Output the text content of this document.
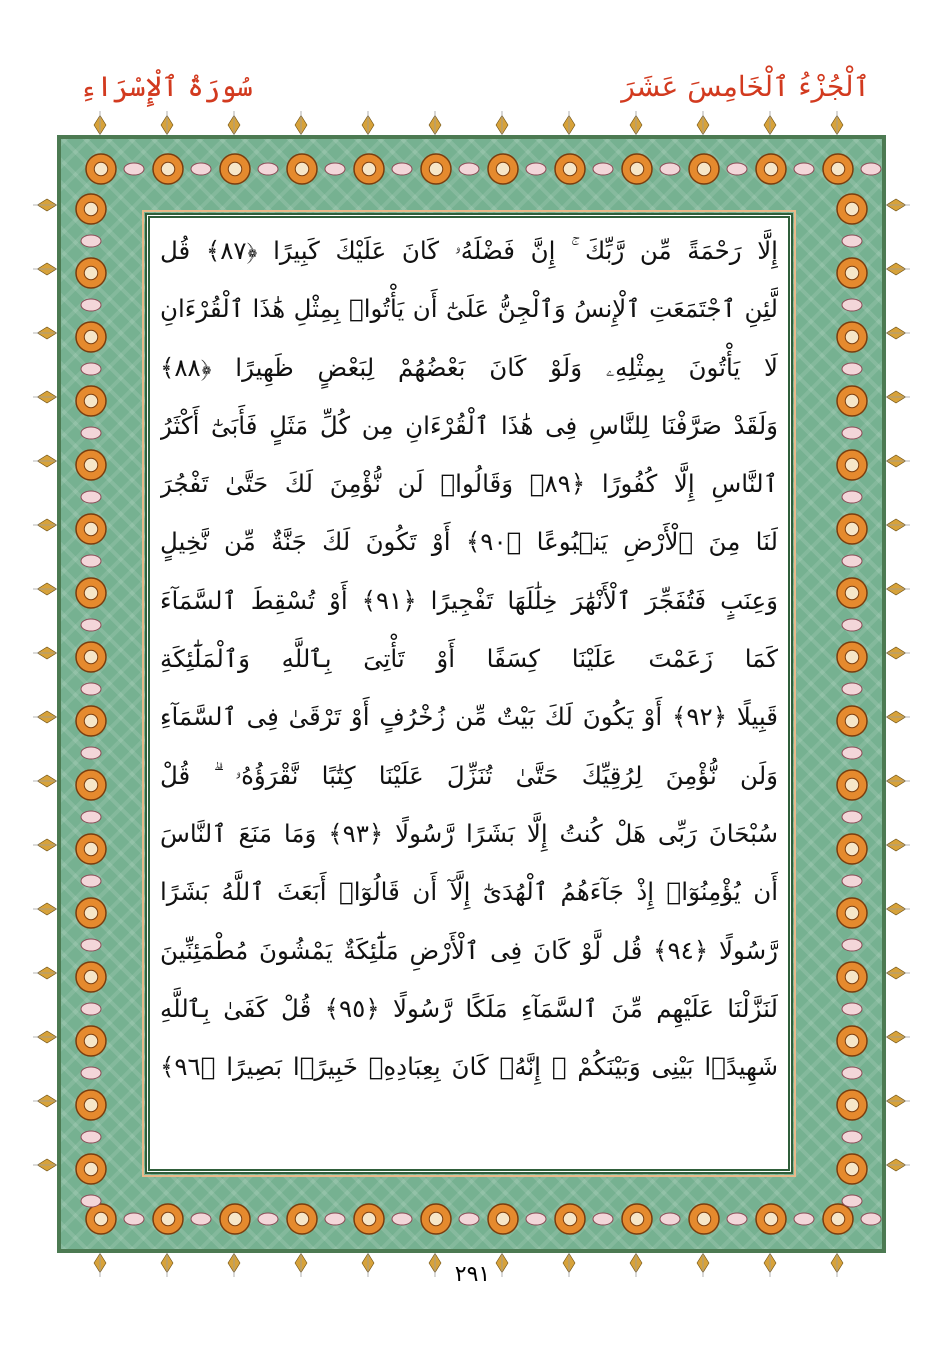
ٱلْجُزْءُ ٱلْخَامِسَ عَشَرَ
سُورَةُ ٱلْإِسْرَاءِ
إِلَّا رَحْمَةً مِّن رَّبِّكَ ۚ إِنَّ فَضْلَهُۥ كَانَ عَلَيْكَ كَبِيرًا ﴿٨٧﴾ قُل
لَّئِنِ ٱجْتَمَعَتِ ٱلْإِنسُ وَٱلْجِنُّ عَلَىٰٓ أَن يَأْتُوا۟ بِمِثْلِ هَٰذَا ٱلْقُرْءَانِ
لَا يَأْتُونَ بِمِثْلِهِۦ وَلَوْ كَانَ بَعْضُهُمْ لِبَعْضٍ ظَهِيرًا ﴿٨٨﴾
وَلَقَدْ صَرَّفْنَا لِلنَّاسِ فِى هَٰذَا ٱلْقُرْءَانِ مِن كُلِّ مَثَلٍ فَأَبَىٰٓ أَكْثَرُ
ٱلنَّاسِ إِلَّا كُفُورًا ﴿٨٩﴾ وَقَالُوا۟ لَن نُّؤْمِنَ لَكَ حَتَّىٰ تَفْجُرَ
لَنَا مِنَ ٱلْأَرْضِ يَنۢبُوعًا ﴿٩٠﴾ أَوْ تَكُونَ لَكَ جَنَّةٌ مِّن نَّخِيلٍ
وَعِنَبٍ فَتُفَجِّرَ ٱلْأَنْهَٰرَ خِلَٰلَهَا تَفْجِيرًا ﴿٩١﴾ أَوْ تُسْقِطَ ٱلسَّمَآءَ
كَمَا زَعَمْتَ عَلَيْنَا كِسَفًا أَوْ تَأْتِىَ بِٱللَّهِ وَٱلْمَلَٰٓئِكَةِ
قَبِيلًا ﴿٩٢﴾ أَوْ يَكُونَ لَكَ بَيْتٌ مِّن زُخْرُفٍ أَوْ تَرْقَىٰ فِى ٱلسَّمَآءِ
وَلَن نُّؤْمِنَ لِرُقِيِّكَ حَتَّىٰ تُنَزِّلَ عَلَيْنَا كِتَٰبًا نَّقْرَؤُهُۥ ۗ قُلْ
سُبْحَانَ رَبِّى هَلْ كُنتُ إِلَّا بَشَرًا رَّسُولًا ﴿٩٣﴾ وَمَا مَنَعَ ٱلنَّاسَ
أَن يُؤْمِنُوٓا۟ إِذْ جَآءَهُمُ ٱلْهُدَىٰٓ إِلَّآ أَن قَالُوٓا۟ أَبَعَثَ ٱللَّهُ بَشَرًا
رَّسُولًا ﴿٩٤﴾ قُل لَّوْ كَانَ فِى ٱلْأَرْضِ مَلَٰٓئِكَةٌ يَمْشُونَ مُطْمَئِنِّينَ
لَنَزَّلْنَا عَلَيْهِم مِّنَ ٱلسَّمَآءِ مَلَكًا رَّسُولًا ﴿٩٥﴾ قُلْ كَفَىٰ بِٱللَّهِ
شَهِيدًۢا بَيْنِى وَبَيْنَكُمْ ۚ إِنَّهُۥ كَانَ بِعِبَادِهِۦ خَبِيرًۢا بَصِيرًا ﴿٩٦﴾
٢٩١
